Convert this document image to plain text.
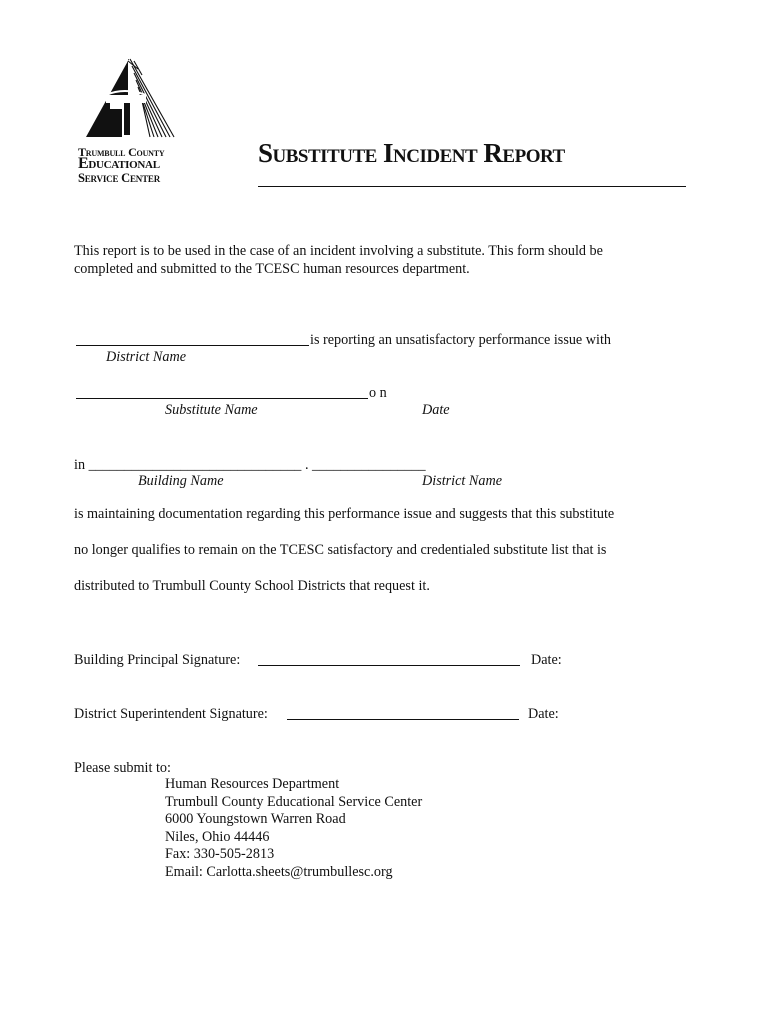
Trumbull County
Educational
Service Center
Substitute Incident Report
This report is to be used in the case of an incident involving a substitute. This form should be
completed and submitted to the TCESC human resources department.
is reporting an unsatisfactory performance issue with
District Name
o n
Substitute Name	Date
in ______________________________ . ________________
Building Name	District Name
is maintaining documentation regarding this performance issue and suggests that this substitute
no longer qualifies to remain on the TCESC satisfactory and credentialed substitute list that is
distributed to Trumbull County School Districts that request it.
Building Principal Signature:	Date:
District Superintendent Signature:	Date:
Please submit to:
Human Resources Department
Trumbull County Educational Service Center
6000 Youngstown Warren Road
Niles, Ohio 44446
Fax: 330-505-2813
Email: Carlotta.sheets@trumbullesc.org
